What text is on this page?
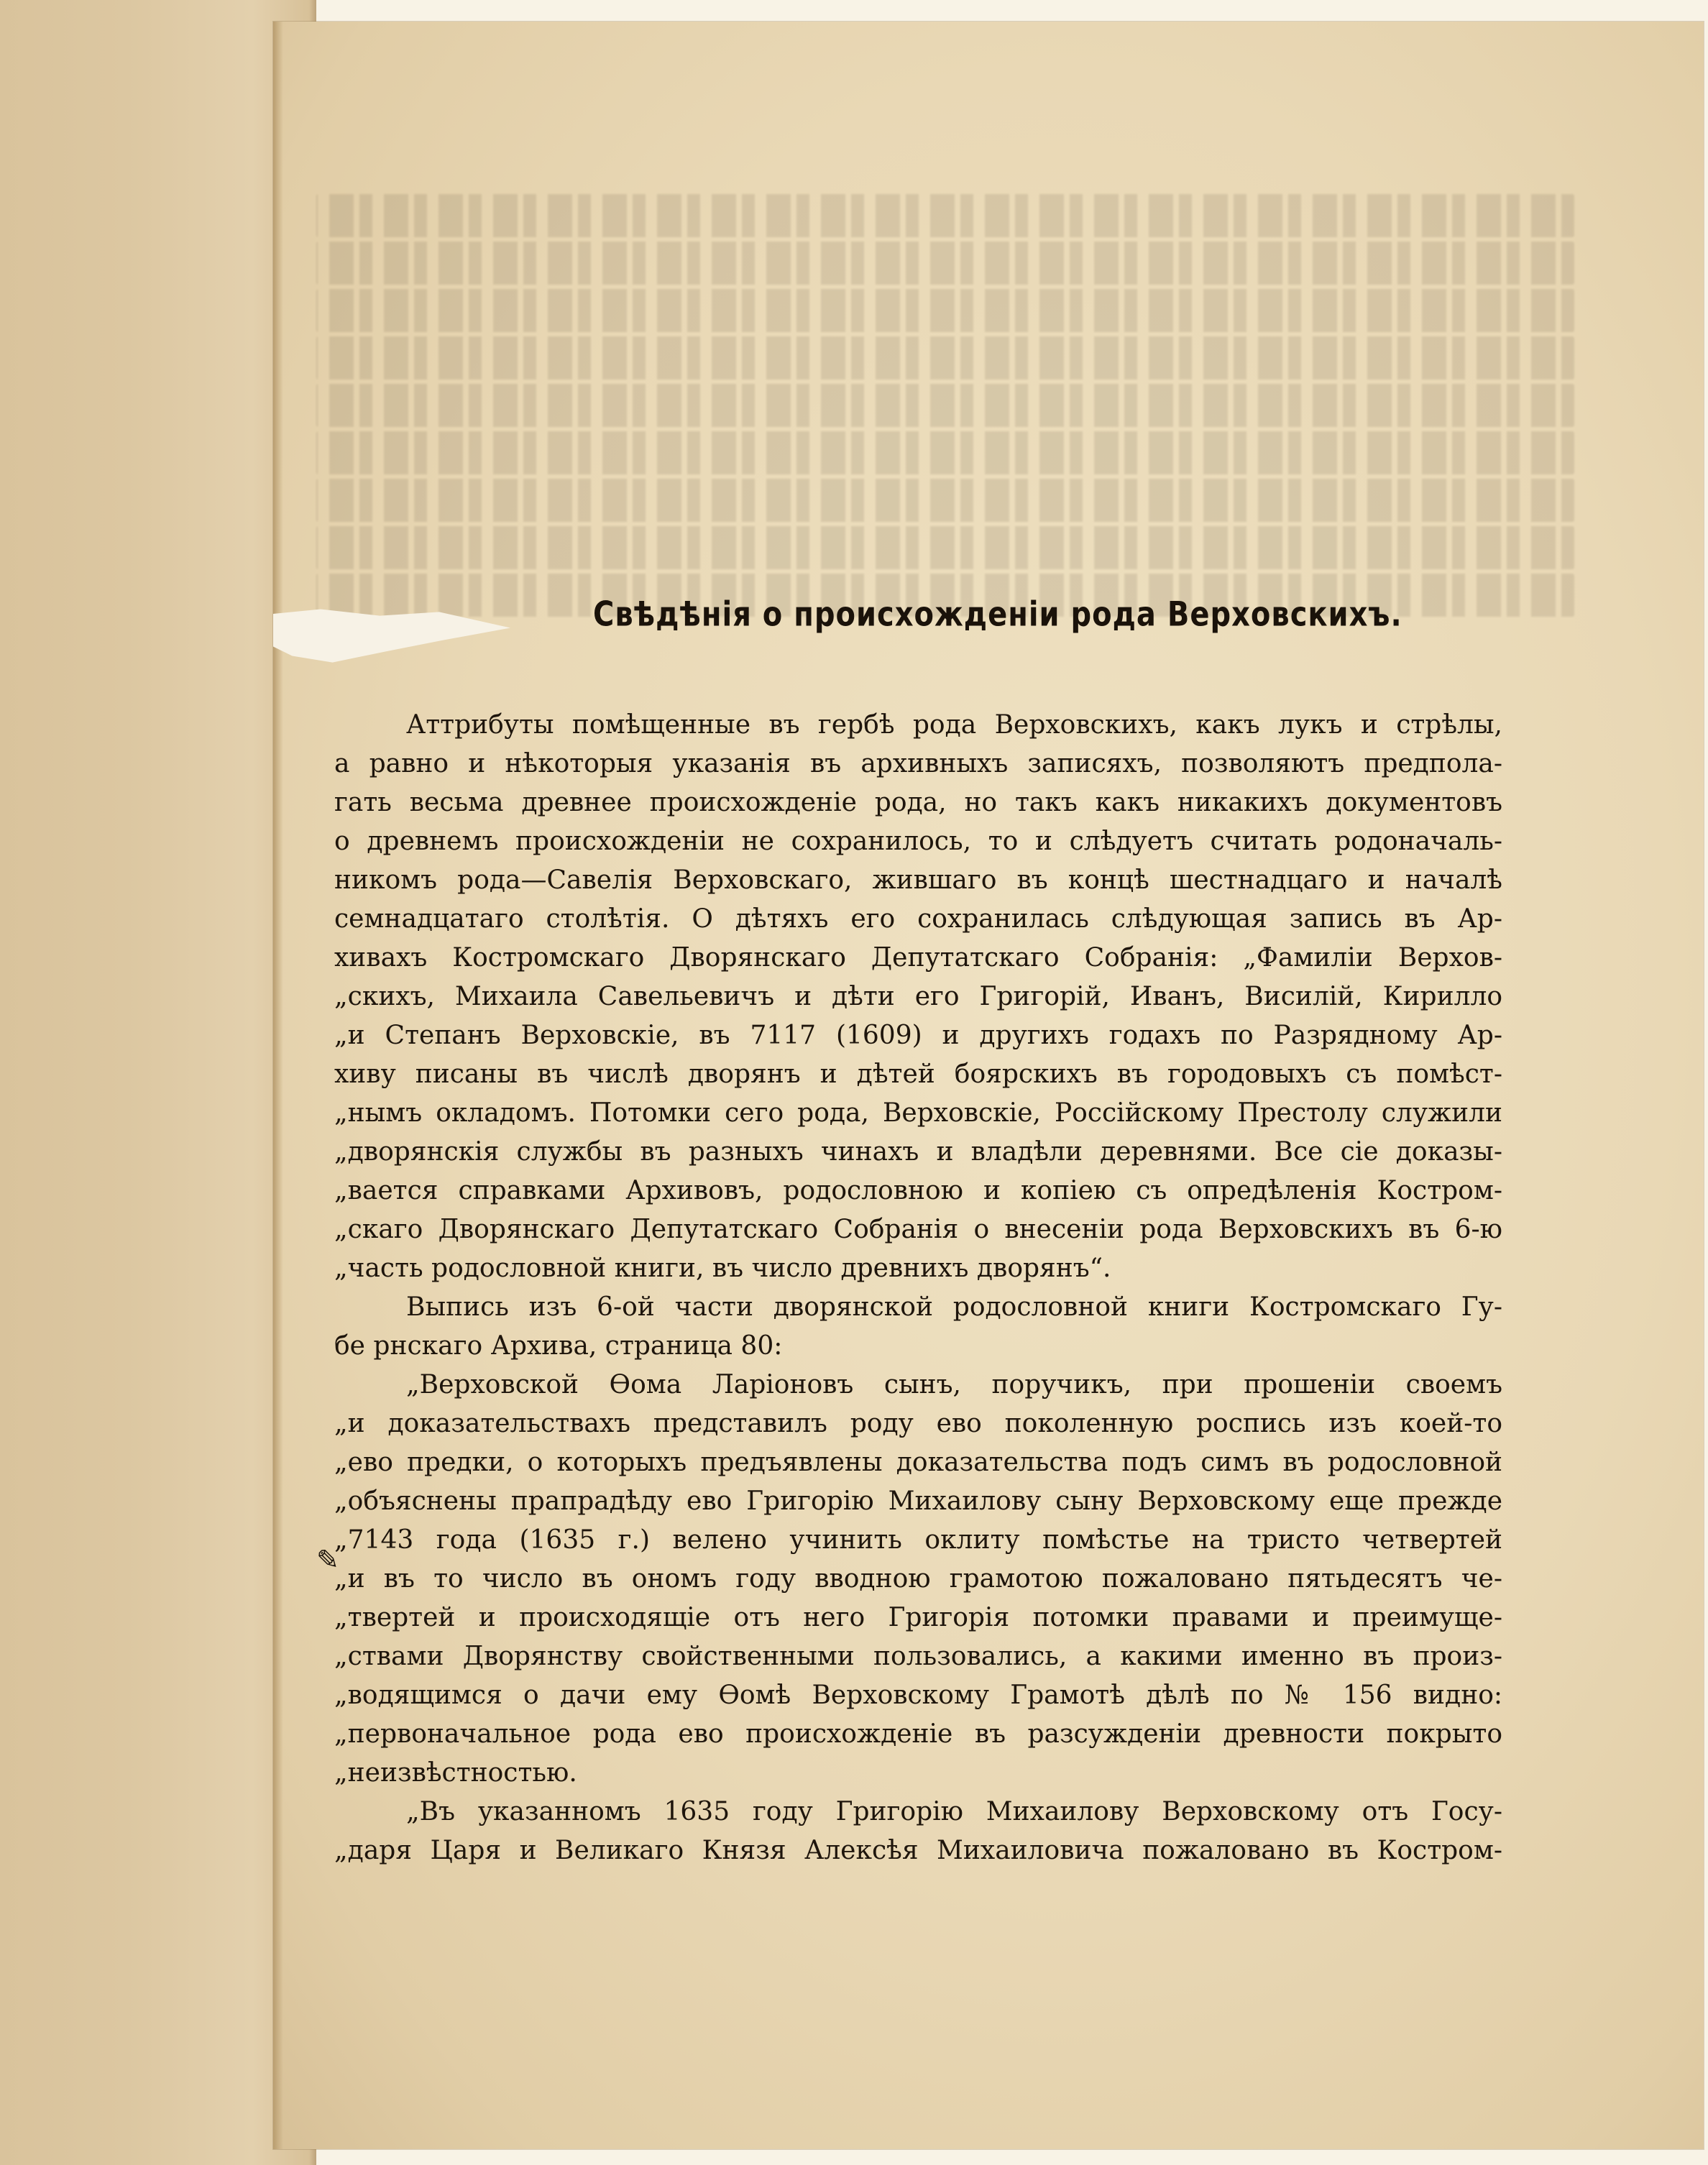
✎
Свѣдѣнія о происхожденіи рода Верховскихъ.
Аттрибуты помѣщенные въ гербѣ рода Верховскихъ, какъ лукъ и стрѣлы,
а равно и нѣкоторыя указанія въ архивныхъ записяхъ, позволяютъ предпола-
гать весьма древнее происхожденіе рода, но такъ какъ никакихъ документовъ
о древнемъ происхожденіи не сохранилось, то и слѣдуетъ считать родоначаль-
никомъ рода—Савелія Верховскаго, жившаго въ концѣ шестнадцаго и началѣ
семнадцатаго столѣтія. О дѣтяхъ его сохранилась слѣдующая запись въ Ар-
хивахъ Костромскаго Дворянскаго Депутатскаго Собранія: „Фамиліи Верхов-
„скихъ, Михаила Савельевичъ и дѣти его Григорій, Иванъ, Висилій, Кирилло
„и Степанъ Верховскіе, въ 7117 (1609) и другихъ годахъ по Разрядному Ар-
хиву писаны въ числѣ дворянъ и дѣтей боярскихъ въ городовыхъ съ помѣст-
„нымъ окладомъ. Потомки сего рода, Верховскіе, Россійскому Престолу служили
„дворянскія службы въ разныхъ чинахъ и владѣли деревнями. Все сіе доказы-
„вается справками Архивовъ, родословною и копіею съ опредѣленія Костром-
„скаго Дворянскаго Депутатскаго Собранія о внесеніи рода Верховскихъ въ 6-ю
„часть родословной книги, въ число древнихъ дворянъ“.
Выпись изъ 6-ой части дворянской родословной книги Костромскаго Гу-
бе рнскаго Архива, страница 80:
„Верховской Ѳома Ларіоновъ сынъ, поручикъ, при прошеніи своемъ
„и доказательствахъ представилъ роду ево поколенную роспись изъ коей-то
„ево предки, о которыхъ предъявлены доказательства подъ симъ въ родословной
„объяснены прапрадѣду ево Григорію Михаилову сыну Верховскому еще прежде
„7143 года (1635 г.) велено учинить оклиту помѣстье на тристо четвертей
„и въ то число въ ономъ году вводною грамотою пожаловано пятьдесятъ че-
„твертей и происходящіе отъ него Григорія потомки правами и преимуще-
„ствами Дворянству свойственными пользовались, а какими именно въ произ-
„водящимся о дачи ему Ѳомѣ Верховскому Грамотѣ дѣлѣ по № 156 видно:
„первоначальное рода ево происхожденіе въ разсужденіи древности покрыто
„неизвѣстностью.
„Въ указанномъ 1635 году Григорію Михаилову Верховскому отъ Госу-
„даря Царя и Великаго Князя Алексѣя Михаиловича пожаловано въ Костром-
